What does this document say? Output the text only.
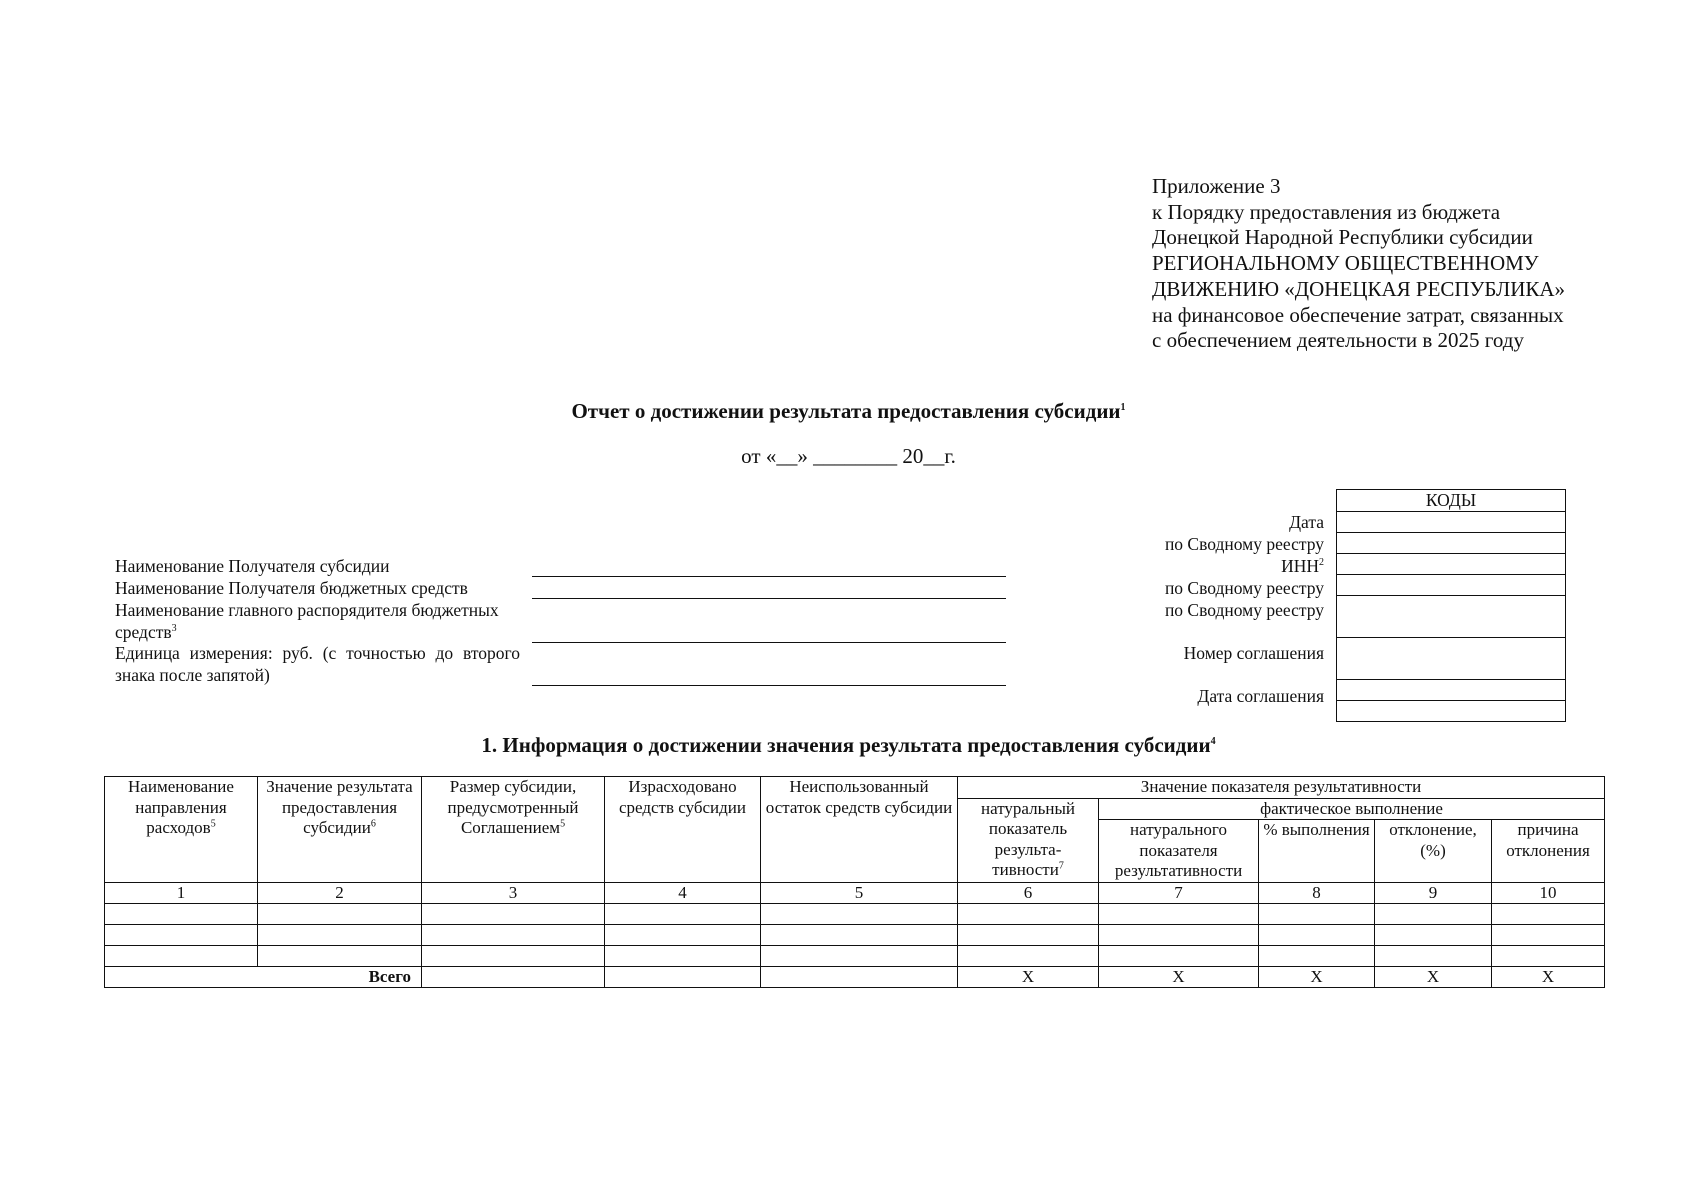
Приложение 3
к Порядку предоставления из бюджета
Донецкой Народной Республики субсидии
РЕГИОНАЛЬНОМУ ОБЩЕСТВЕННОМУ
ДВИЖЕНИЮ «ДОНЕЦКАЯ РЕСПУБЛИКА»
на финансовое обеспечение затрат, связанных
с обеспечением деятельности в 2025 году
Отчет о достижении результата предоставления субсидии$^1$
от «__» ________ 20__г.
Наименование Получателя субсидии
Наименование Получателя бюджетных средств
Наименование главного распорядителя бюджетных
средств$^3$
Единица измерения: руб. (с точностью до второго
знака после запятой)
Дата
по Сводному реестру
ИНН$^2$
по Сводному реестру
по Сводному реестру
Номер соглашения
Дата соглашения
КОДЫ

1. Информация о достижении значения результата предоставления субсидии$^4$
Наименование направления расходов$^5$	Значение результата предоставления субсидии$^6$	Размер субсидии, предусмотренный Соглашением$^5$	Израсходовано средств субсидии	Неиспользованный остаток средств субсидии	Значение показателя результативности				
					натуральный показатель результа-тивности$^7$	фактическое выполнение			
						натурального показателя результативности	% выполнения	отклонение, (%)	причина отклонения
1	2	3	4	5	6	7	8	9	10

Всего					Х	Х	Х	Х	Х
